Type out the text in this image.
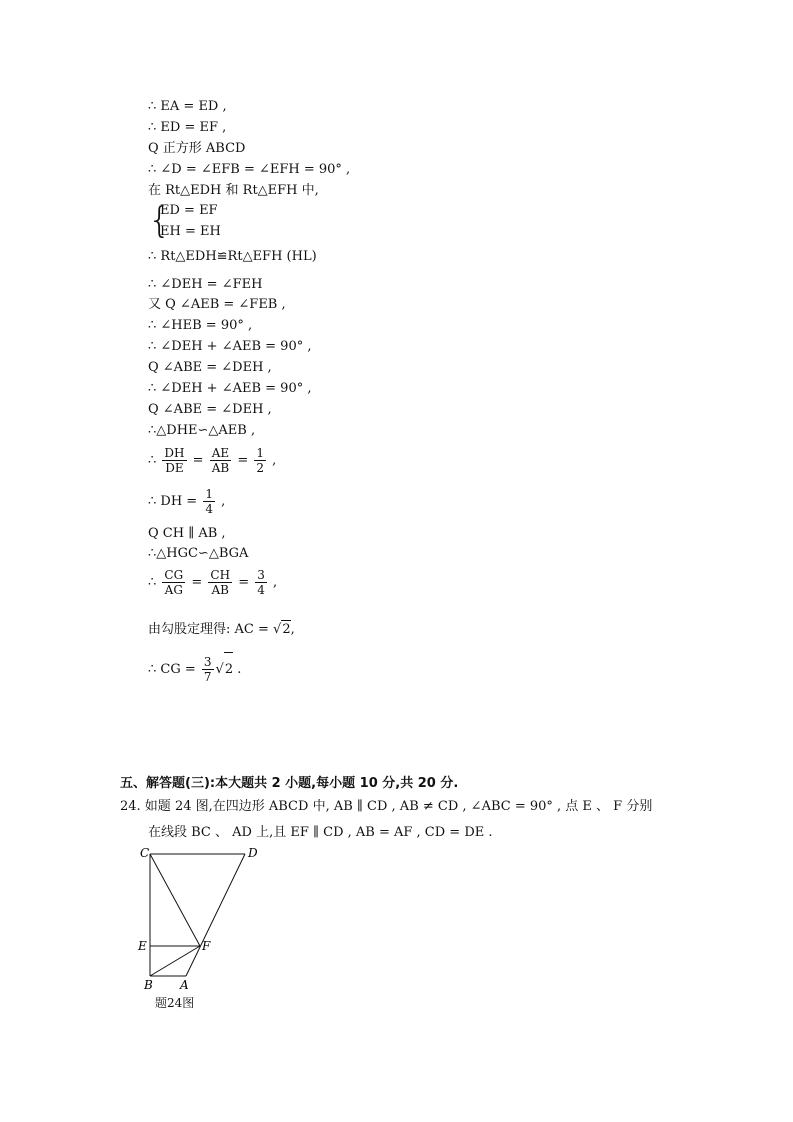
∴ EA = ED ,
∴ ED = EF ,
Q 正方形 ABCD
∴ ∠D = ∠EFB = ∠EFH = 90° ,
在 Rt△EDH 和 Rt△EFH 中,
{
ED = EF
EH = EH
∴ Rt△EDH≌Rt△EFH (HL)
∴ ∠DEH = ∠FEH
又 Q ∠AEB = ∠FEB ,
∴ ∠HEB = 90° ,
∴ ∠DEH + ∠AEB = 90° ,
Q ∠ABE = ∠DEH ,
∴ ∠DEH + ∠AEB = 90° ,
Q ∠ABE = ∠DEH ,
∴△DHE∽△AEB ,
∴ $\frac{DH}{DE} = \frac{AE}{AB} = \frac{1}{2}$ ,
∴ DH = $\frac{1}{4}$ ,
Q CH ∥ AB ,
∴△HGC∽△BGA
∴ $\frac{CG}{AG} = \frac{CH}{AB} = \frac{3}{4}$ ,
由勾股定理得: AC = √2,
∴ CG = $\frac{3}{7} √2$ .
五、解答题(三):本大题共 2 小题,每小题 10 分,共 20 分.
24. 如题 24 图,在四边形 ABCD 中, AB ∥ CD , AB ≠ CD , ∠ABC = 90° , 点 E 、 F 分别
在线段 BC 、 AD 上,且 EF ∥ CD , AB = AF , CD = DE .
C	D
E	F
B A
题24图
